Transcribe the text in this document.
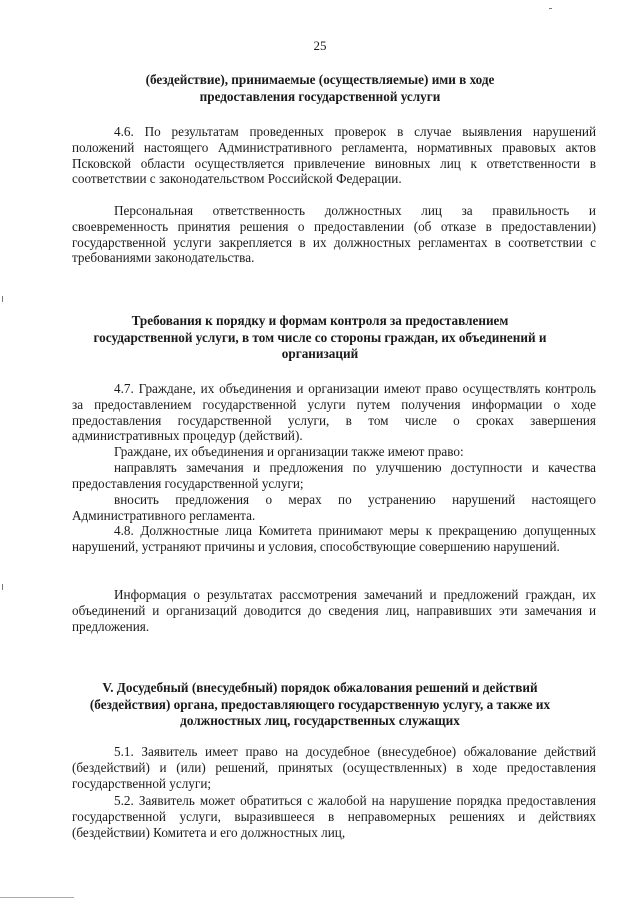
25
(бездействие), принимаемые (осуществляемые) ими в ходе предоставления государственной услуги
4.6. По результатам проведенных проверок в случае выявления нарушений положений настоящего Административного регламента, нормативных правовых актов Псковской области осуществляется привлечение виновных лиц к ответственности в соответствии с законодательством Российской Федерации.
Персональная ответственность должностных лиц за правильность и своевременность принятия решения о предоставлении (об отказе в предоставлении) государственной услуги закрепляется в их должностных регламентах в соответствии с требованиями законодательства.
Требования к порядку и формам контроля за предоставлением государственной услуги, в том числе со стороны граждан, их объединений и организаций
4.7. Граждане, их объединения и организации имеют право осуществлять контроль за предоставлением государственной услуги путем получения информации о ходе предоставления государственной услуги, в том числе о сроках завершения административных процедур (действий).
Граждане, их объединения и организации также имеют право:
направлять замечания и предложения по улучшению доступности и качества предоставления государственной услуги;
вносить предложения о мерах по устранению нарушений настоящего Административного регламента.
4.8. Должностные лица Комитета принимают меры к прекращению допущенных нарушений, устраняют причины и условия, способствующие совершению нарушений.
Информация о результатах рассмотрения замечаний и предложений граждан, их объединений и организаций доводится до сведения лиц, направивших эти замечания и предложения.
V. Досудебный (внесудебный) порядок обжалования решений и действий (бездействия) органа, предоставляющего государственную услугу, а также их должностных лиц, государственных служащих
5.1. Заявитель имеет право на досудебное (внесудебное) обжалование действий (бездействий) и (или) решений, принятых (осуществленных) в ходе предоставления государственной услуги;
5.2. Заявитель может обратиться с жалобой на нарушение порядка предоставления государственной услуги, выразившееся в неправомерных решениях и действиях (бездействии) Комитета и его должностных лиц,
